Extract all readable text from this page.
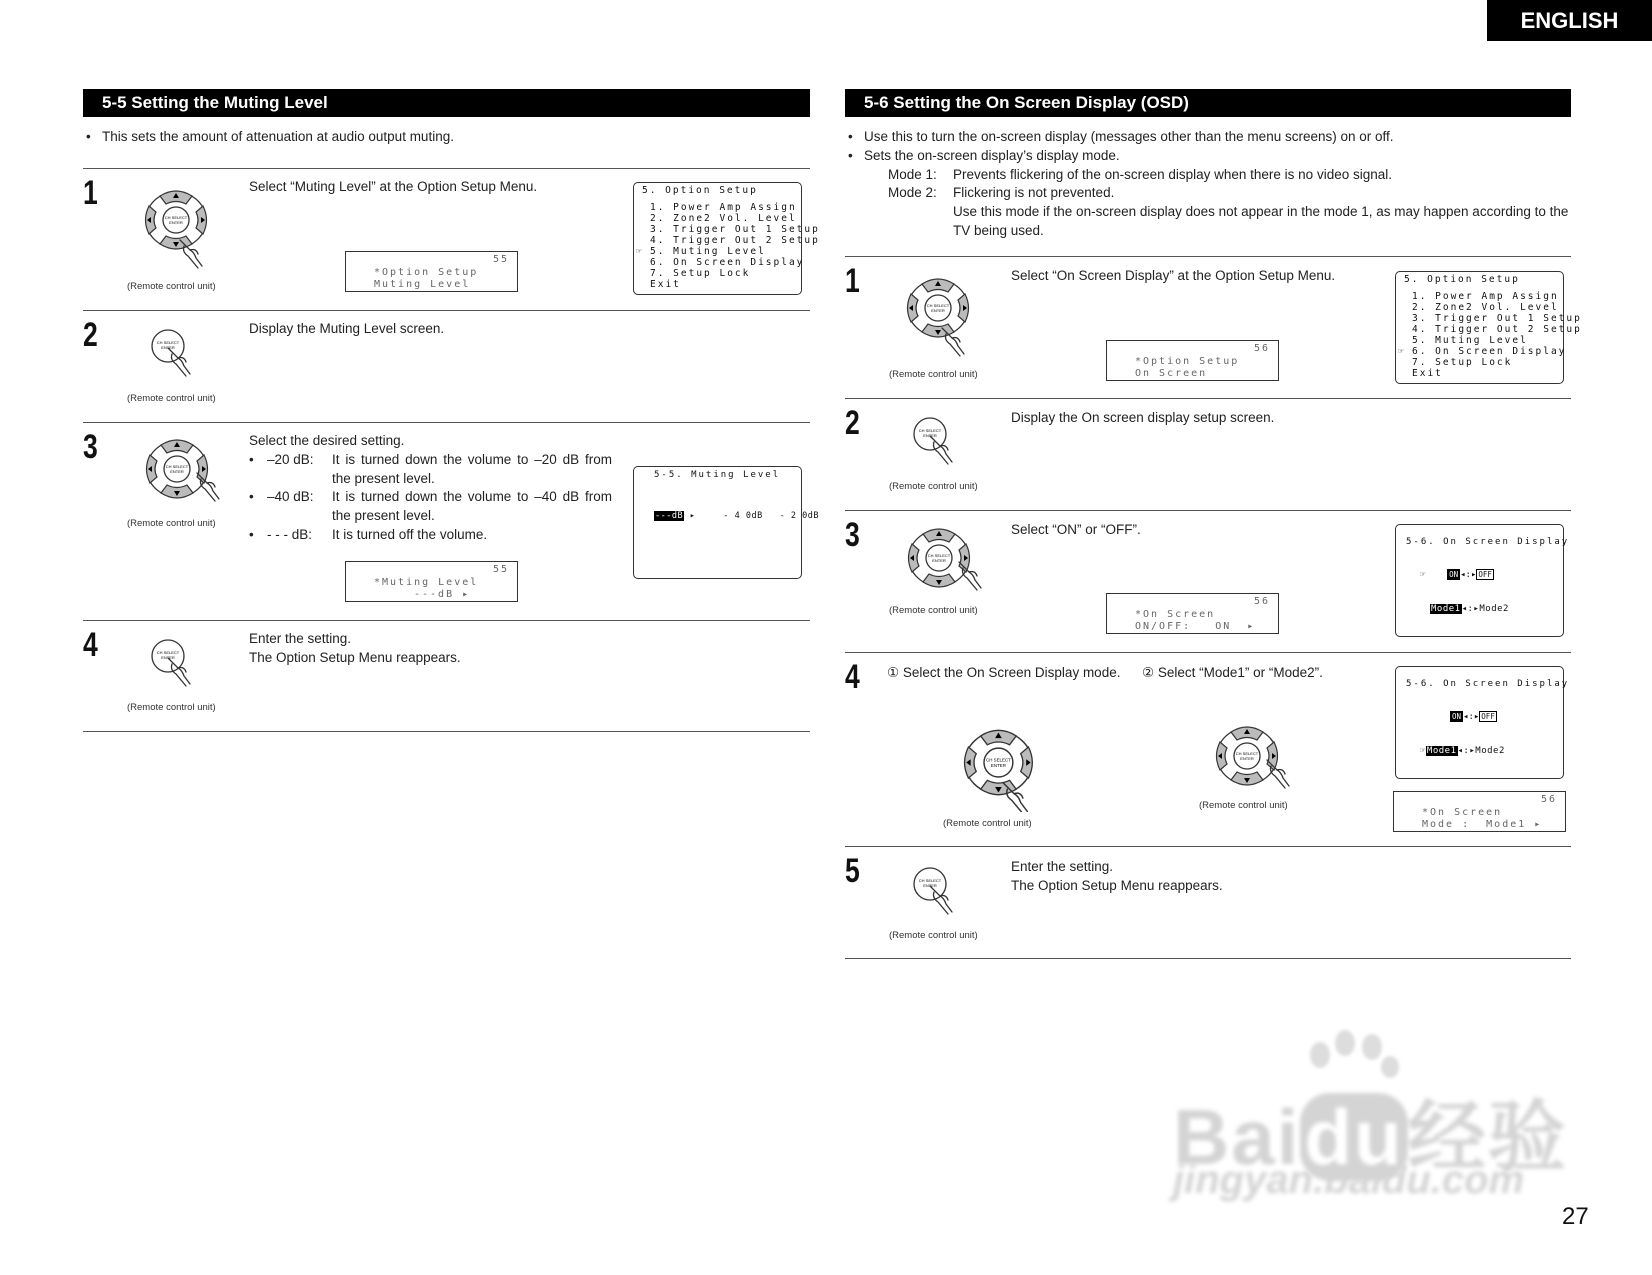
ENGLISH
5-5 Setting the Muting Level
•   This sets the amount of attenuation at audio output muting.
1
(Remote control unit)
Select “Muting Level” at the Option Setup Menu.
55
*Option Setup
Muting Level
5. Option Setup
1. Power Amp Assign
2. Zone2 Vol. Level
3. Trigger Out 1 Setup
4. Trigger Out 2 Setup
☞ 5. Muting Level
6. On Screen Display
7. Setup Lock
Exit
2
(Remote control unit)
Display the Muting Level screen.
3
(Remote control unit)
Select the desired setting.
• –20 dB:	It is turned down the volume to –20 dB from the present level.
• –40 dB:	It is turned down the volume to –40 dB from the present level.
• - - - dB:	It is turned off the volume.
55
*Muting Level
---dB ▸
5-5. Muting Level
---dB ▸     - 4 0dB - 2 0dB
4
(Remote control unit)
Enter the setting.
The Option Setup Menu reappears.
5-6 Setting the On Screen Display (OSD)
•   Use this to turn the on-screen display (messages other than the menu screens) on or off.
•   Sets the on-screen display’s display mode.
Mode 1: Prevents flickering of the on-screen display when there is no video signal.
Mode 2: Flickering is not prevented.
Use this mode if the on-screen display does not appear in the mode 1, as may happen according to the TV being used.
1
(Remote control unit)
Select “On Screen Display” at the Option Setup Menu.
56
*Option Setup
On Screen
5. Option Setup
1. Power Amp Assign
2. Zone2 Vol. Level
3. Trigger Out 1 Setup
4. Trigger Out 2 Setup
5. Muting Level
☞ 6. On Screen Display
7. Setup Lock
Exit
2
(Remote control unit)
Display the On screen display setup screen.
3
(Remote control unit)
Select “ON” or “OFF”.
56
*On Screen
ON/OFF:   ON  ▸
5-6. On Screen Display
☞	ON ◂:▸ OFF
Mode1◂:▸Mode2
4 ① Select the On Screen Display mode. ② Select “Mode1” or “Mode2”.
(Remote control unit)
(Remote control unit)
5-6. On Screen Display
ON ◂:▸ OFF
☞Mode1◂:▸Mode2
56
*On Screen
Mode :  Mode1 ▸
5
(Remote control unit)
Enter the setting.
The Option Setup Menu reappears.
Baidu经验
jingyan.baidu.com
27
